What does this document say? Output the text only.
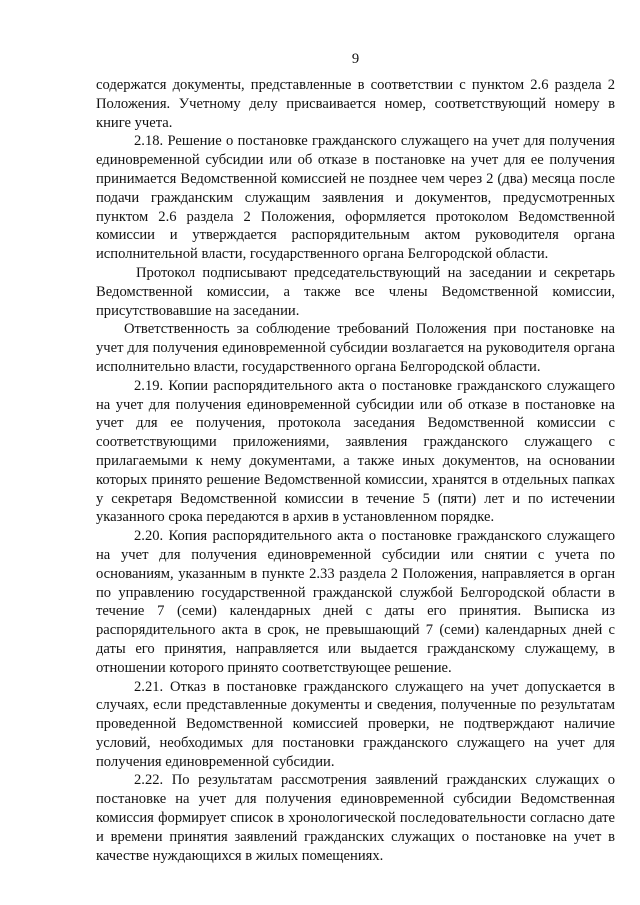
9

содержатся документы, представленные в соответствии с пунктом 2.6 раздела 2 Положения. Учетному делу присваивается номер, соответствующий номеру в книге учета.

2.18. Решение о постановке гражданского служащего на учет для получения единовременной субсидии или об отказе в постановке на учет для ее получения принимается Ведомственной комиссией не позднее чем через 2 (два) месяца после подачи гражданским служащим заявления и документов, предусмотренных пунктом 2.6 раздела 2 Положения, оформляется протоколом Ведомственной комиссии и утверждается распорядительным актом руководителя органа исполнительной власти, государственного органа Белгородской области.

Протокол подписывают председательствующий на заседании и секретарь Ведомственной комиссии, а также все члены Ведомственной комиссии, присутствовавшие на заседании.

Ответственность за соблюдение требований Положения при постановке на учет для получения единовременной субсидии возлагается на руководителя органа исполнительно власти, государственного органа Белгородской области.

2.19. Копии распорядительного акта о постановке гражданского служащего на учет для получения единовременной субсидии или об отказе в постановке на учет для ее получения, протокола заседания Ведомственной комиссии с соответствующими приложениями, заявления гражданского служащего с прилагаемыми к нему документами, а также иных документов, на основании которых принято решение Ведомственной комиссии, хранятся в отдельных папках у секретаря Ведомственной комиссии в течение 5 (пяти) лет и по истечении указанного срока передаются в архив в установленном порядке.

2.20. Копия распорядительного акта о постановке гражданского служащего на учет для получения единовременной субсидии или снятии с учета по основаниям, указанным в пункте 2.33 раздела 2 Положения, направляется в орган по управлению государственной гражданской службой Белгородской области в течение 7 (семи) календарных дней с даты его принятия. Выписка из распорядительного акта в срок, не превышающий 7 (семи) календарных дней с даты его принятия, направляется или выдается гражданскому служащему, в отношении которого принято соответствующее решение.

2.21. Отказ в постановке гражданского служащего на учет допускается в случаях, если представленные документы и сведения, полученные по результатам проведенной Ведомственной комиссией проверки, не подтверждают наличие условий, необходимых для постановки гражданского служащего на учет для получения единовременной субсидии.

2.22. По результатам рассмотрения заявлений гражданских служащих о постановке на учет для получения единовременной субсидии Ведомственная комиссия формирует список в хронологической последовательности согласно дате и времени принятия заявлений гражданских служащих о постановке на учет в качестве нуждающихся в жилых помещениях.
